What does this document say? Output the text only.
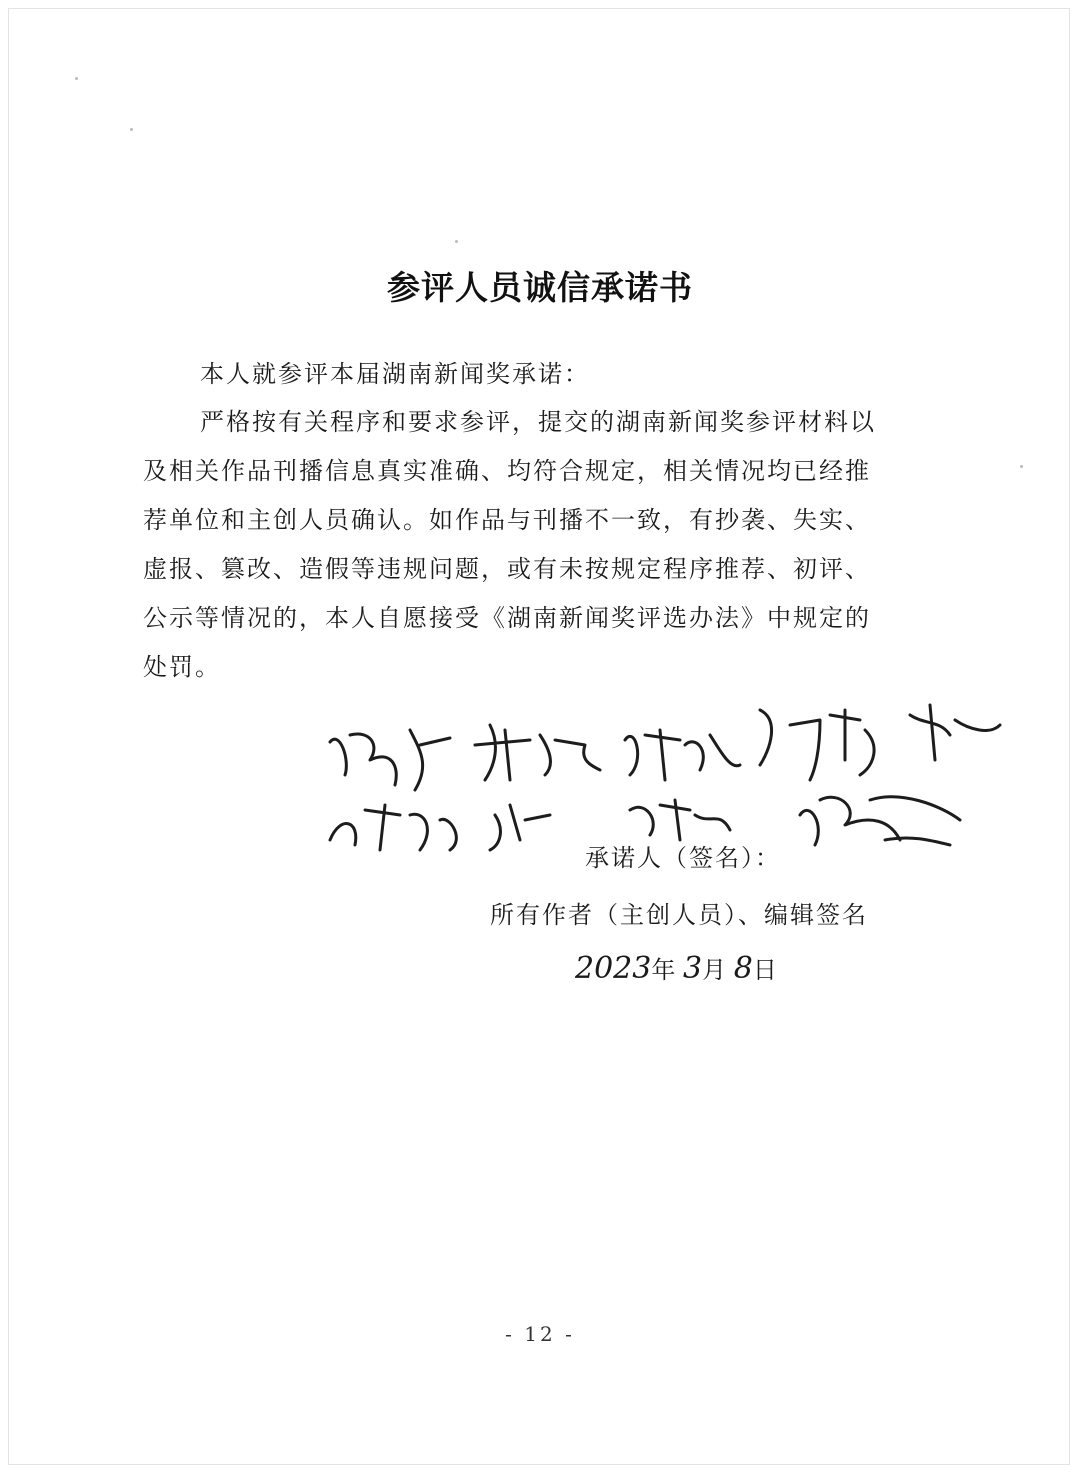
参评人员诚信承诺书

本人就参评本届湖南新闻奖承诺：

严格按有关程序和要求参评，提交的湖南新闻奖参评材料以
及相关作品刊播信息真实准确、均符合规定，相关情况均已经推
荐单位和主创人员确认。如作品与刊播不一致，有抄袭、失实、
虚报、篡改、造假等违规问题，或有未按规定程序推荐、初评、
公示等情况的，本人自愿接受《湖南新闻奖评选办法》中规定的
处罚。
承诺人（签名）：
所有作者（主创人员）、编辑签名
2023年 3月 8日
- 12 -
